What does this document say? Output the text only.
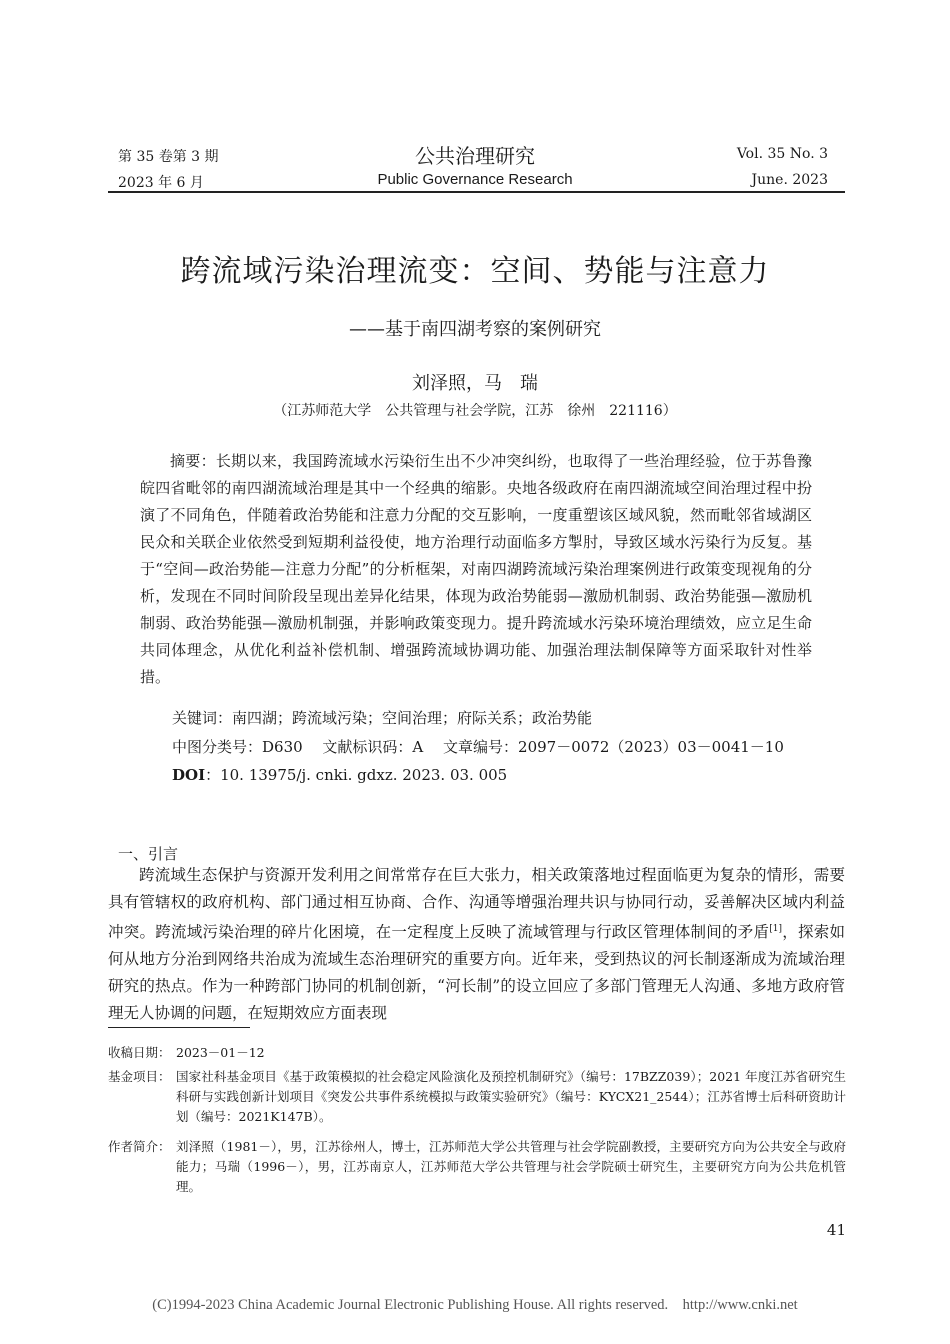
第 35 卷第 3 期
2023 年 6 月
公共治理研究
Public Governance Research
Vol. 35 No. 3
June. 2023
跨流域污染治理流变：空间、势能与注意力
——基于南四湖考察的案例研究
刘泽照，马　瑞
（江苏师范大学　公共管理与社会学院，江苏　徐州　221116）
摘要：长期以来，我国跨流域水污染衍生出不少冲突纠纷，也取得了一些治理经验，位于苏鲁豫皖四省毗邻的南四湖流域治理是其中一个经典的缩影。央地各级政府在南四湖流域空间治理过程中扮演了不同角色，伴随着政治势能和注意力分配的交互影响，一度重塑该区域风貌，然而毗邻省域湖区民众和关联企业依然受到短期利益役使，地方治理行动面临多方掣肘，导致区域水污染行为反复。基于“空间—政治势能—注意力分配”的分析框架，对南四湖跨流域污染治理案例进行政策变现视角的分析，发现在不同时间阶段呈现出差异化结果，体现为政治势能弱—激励机制弱、政治势能强—激励机制弱、政治势能强—激励机制强，并影响政策变现力。提升跨流域水污染环境治理绩效，应立足生命共同体理念，从优化利益补偿机制、增强跨流域协调功能、加强治理法制保障等方面采取针对性举措。
关键词：南四湖；跨流域污染；空间治理；府际关系；政治势能
中图分类号：D630　 文献标识码：A　 文章编号：2097－0072（2023）03－0041－10
DOI：10. 13975/j. cnki. gdxz. 2023. 03. 005
一、引言
跨流域生态保护与资源开发利用之间常常存在巨大张力，相关政策落地过程面临更为复杂的情形，需要具有管辖权的政府机构、部门通过相互协商、合作、沟通等增强治理共识与协同行动，妥善解决区域内利益冲突。跨流域污染治理的碎片化困境，在一定程度上反映了流域管理与行政区管理体制间的矛盾[1]，探索如何从地方分治到网络共治成为流域生态治理研究的重要方向。近年来，受到热议的河长制逐渐成为流域治理研究的热点。作为一种跨部门协同的机制创新，“河长制”的设立回应了多部门管理无人沟通、多地方政府管理无人协调的问题，在短期效应方面表现
收稿日期： 2023－01－12
基金项目： 国家社科基金项目《基于政策模拟的社会稳定风险演化及预控机制研究》（编号：17BZZ039）；2021 年度江苏省研究生科研与实践创新计划项目《突发公共事件系统模拟与政策实验研究》（编号：KYCX21_2544）；江苏省博士后科研资助计划（编号：2021K147B）。
作者简介： 刘泽照（1981－），男，江苏徐州人，博士，江苏师范大学公共管理与社会学院副教授，主要研究方向为公共安全与政府能力；马瑞（1996－），男，江苏南京人，江苏师范大学公共管理与社会学院硕士研究生，主要研究方向为公共危机管理。
41
(C)1994-2023 China Academic Journal Electronic Publishing House. All rights reserved. http://www.cnki.net
